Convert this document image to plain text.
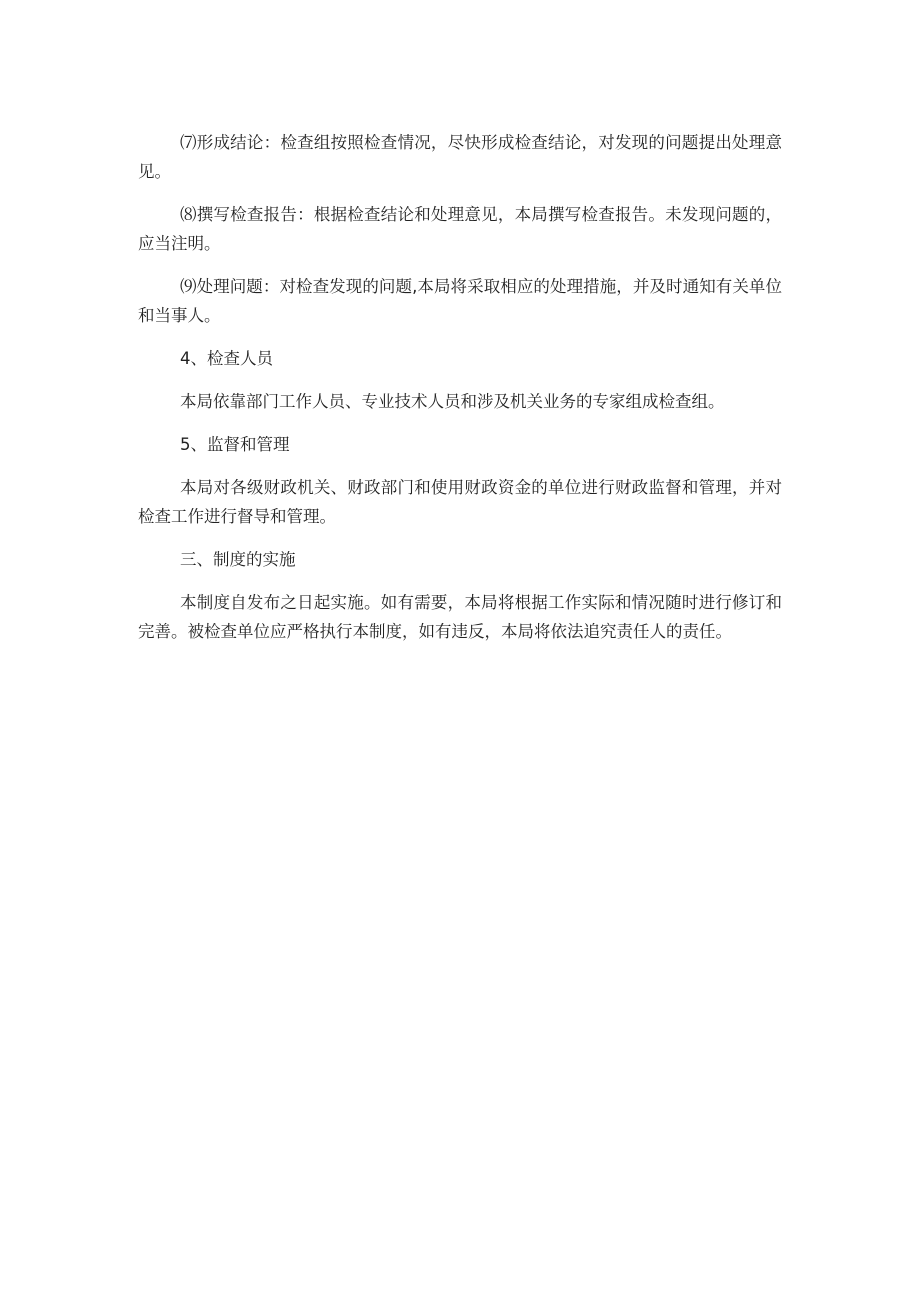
⑺形成结论：检查组按照检查情况，尽快形成检查结论，对发现的问题提出处理意见。

⑻撰写检查报告：根据检查结论和处理意见，本局撰写检查报告。未发现问题的，应当注明。

⑼处理问题：对检查发现的问题,本局将采取相应的处理措施，并及时通知有关单位和当事人。

4、检查人员

本局依靠部门工作人员、专业技术人员和涉及机关业务的专家组成检查组。

5、监督和管理

本局对各级财政机关、财政部门和使用财政资金的单位进行财政监督和管理，并对检查工作进行督导和管理。

三、制度的实施

本制度自发布之日起实施。如有需要，本局将根据工作实际和情况随时进行修订和完善。被检查单位应严格执行本制度，如有违反，本局将依法追究责任人的责任。
